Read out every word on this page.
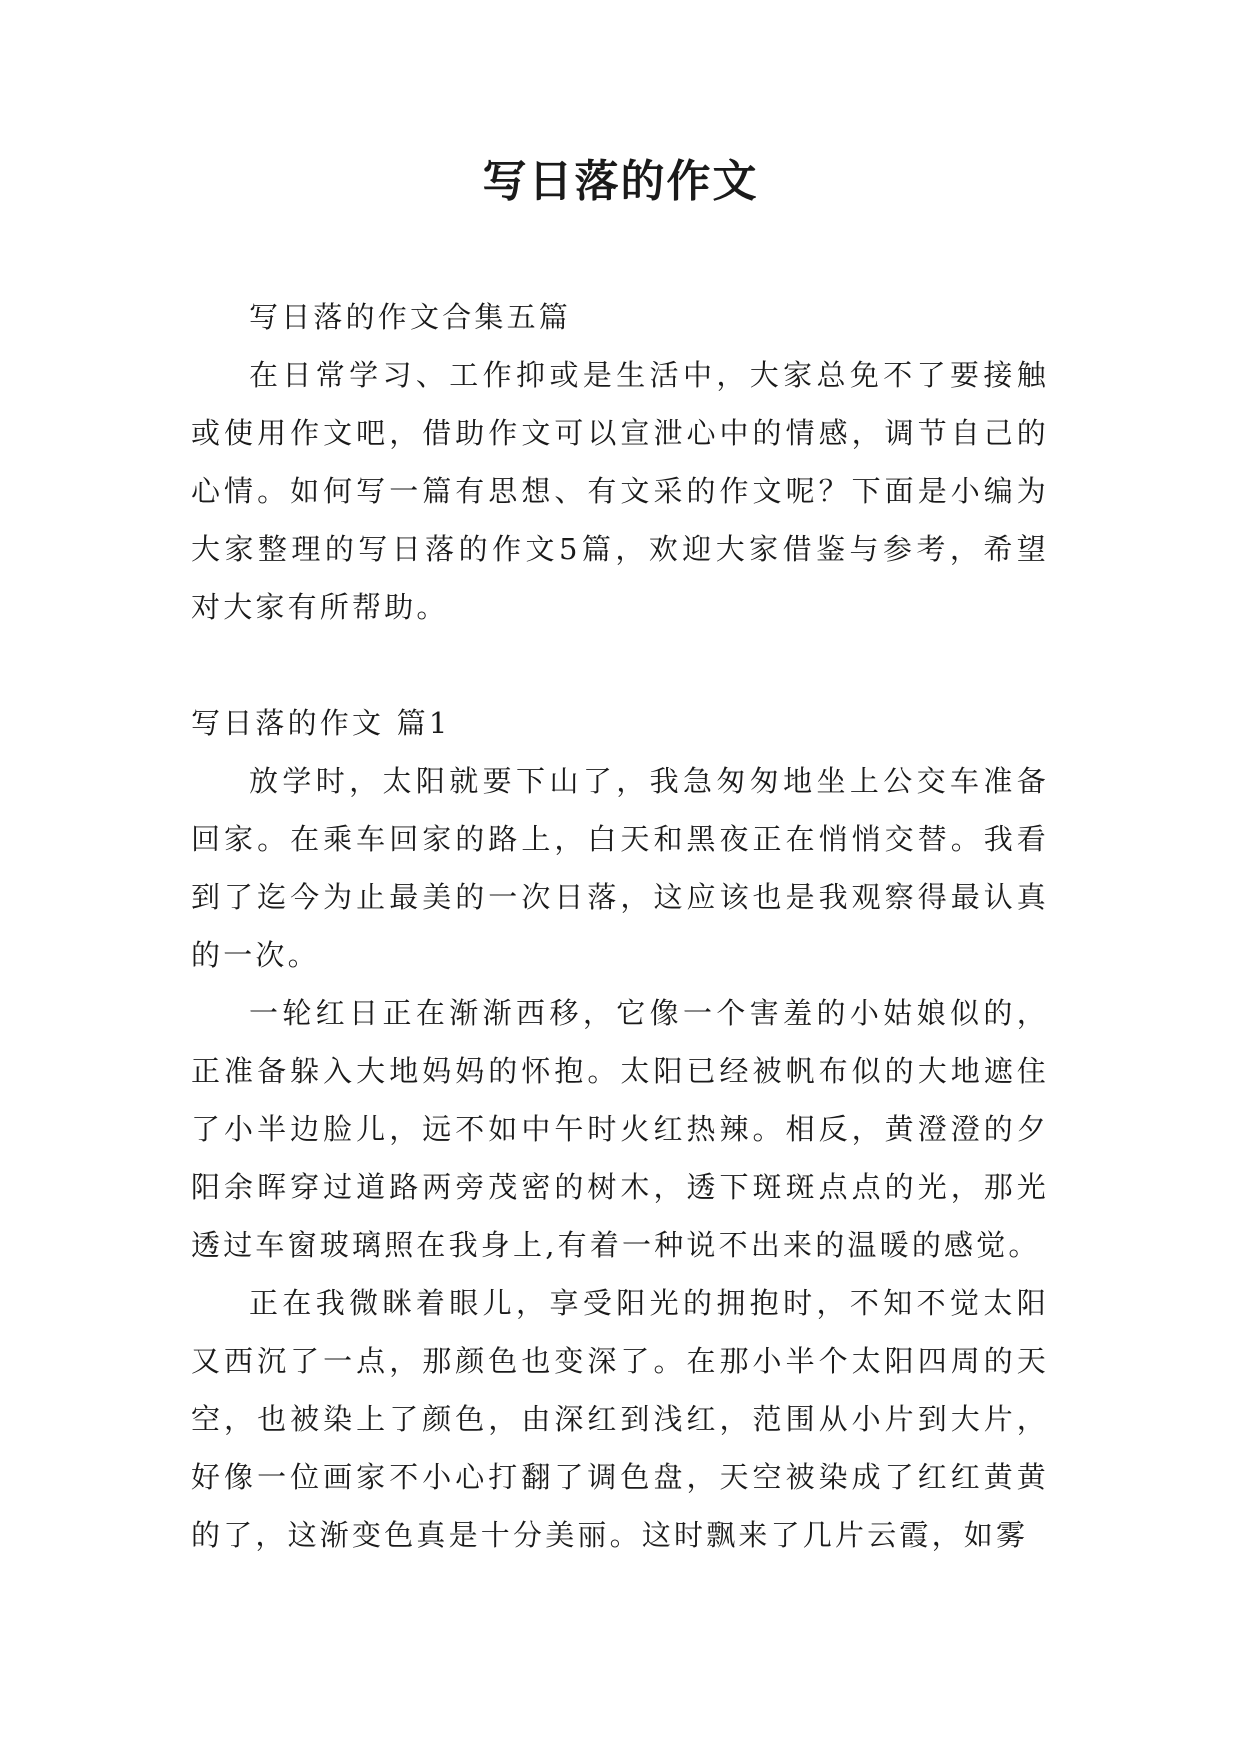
写日落的作文

写日落的作文合集五篇

在日常学习、工作抑或是生活中，大家总免不了要接触或使用作文吧，借助作文可以宣泄心中的情感，调节自己的心情。如何写一篇有思想、有文采的作文呢？下面是小编为大家整理的写日落的作文5篇，欢迎大家借鉴与参考，希望对大家有所帮助。

写日落的作文 篇1

放学时，太阳就要下山了，我急匆匆地坐上公交车准备回家。在乘车回家的路上，白天和黑夜正在悄悄交替。我看到了迄今为止最美的一次日落，这应该也是我观察得最认真的一次。

一轮红日正在渐渐西移，它像一个害羞的小姑娘似的，正准备躲入大地妈妈的怀抱。太阳已经被帆布似的大地遮住了小半边脸儿，远不如中午时火红热辣。相反，黄澄澄的夕阳余晖穿过道路两旁茂密的树木，透下斑斑点点的光，那光透过车窗玻璃照在我身上,有着一种说不出来的温暖的感觉。

正在我微眯着眼儿，享受阳光的拥抱时，不知不觉太阳又西沉了一点，那颜色也变深了。在那小半个太阳四周的天空，也被染上了颜色，由深红到浅红，范围从小片到大片，好像一位画家不小心打翻了调色盘，天空被染成了红红黄黄的了，这渐变色真是十分美丽。这时飘来了几片云霞，如雾
